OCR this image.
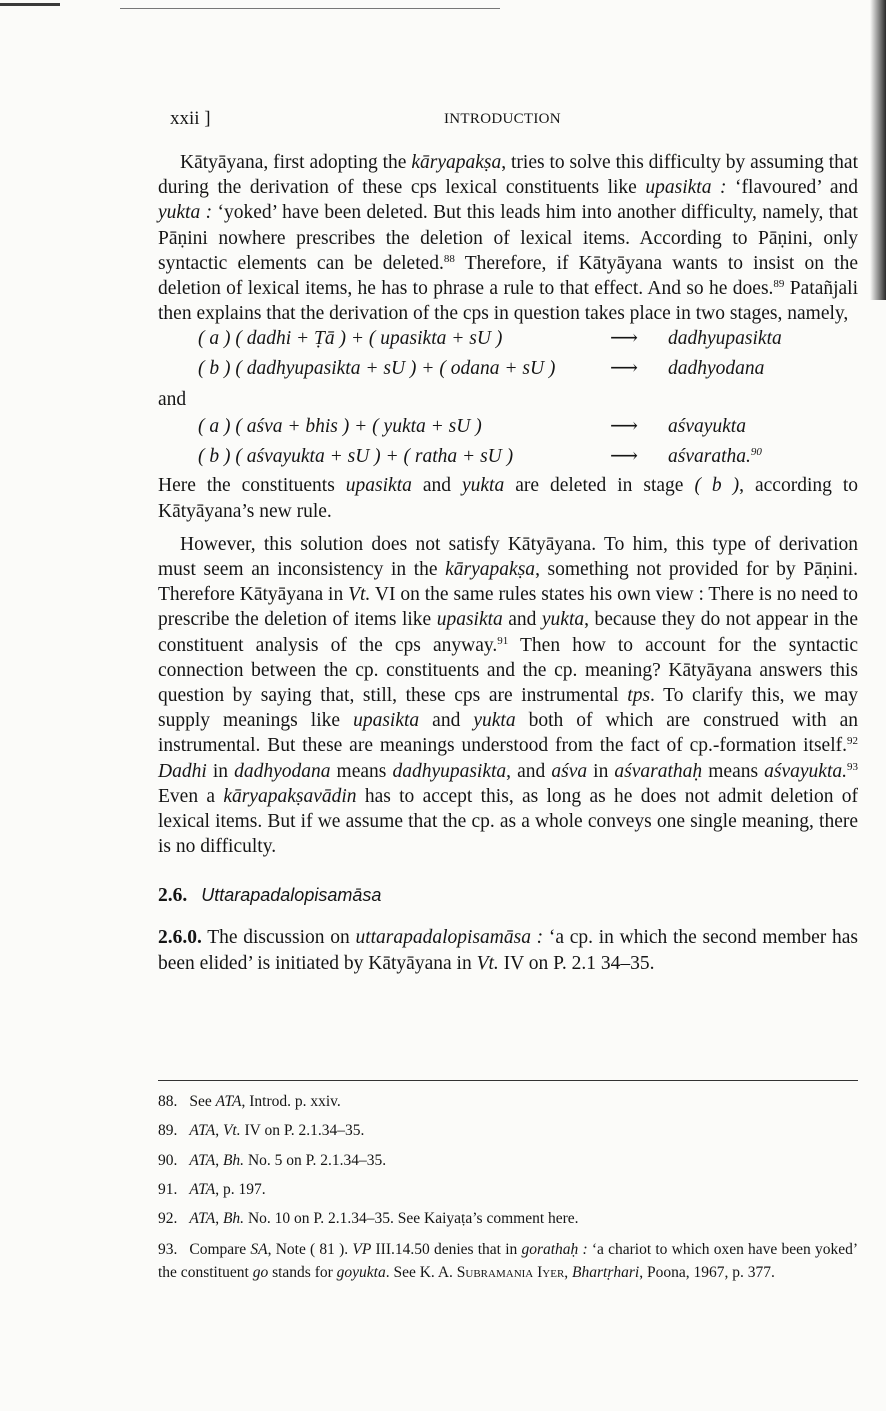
xxii ]	INTRODUCTION

Kātyāyana, first adopting the kāryapakṣa, tries to solve this difficulty by assuming that during the derivation of these cps lexical constituents like upasikta : ‘flavoured’ and yukta : ‘yoked’ have been deleted. But this leads him into another difficulty, namely, that Pāṇini nowhere prescribes the deletion of lexical items. According to Pāṇini, only syntactic elements can be deleted.$^{88}$ Therefore, if Kātyāyana wants to insist on the deletion of lexical items, he has to phrase a rule to that effect. And so he does.$^{89}$ Patañjali then explains that the derivation of the cps in question takes place in two stages, namely,

( a ) ( dadhi + Ṭā ) + ( upasikta + sU )	⟶ dadhyupasikta
( b ) ( dadhyupasikta + sU ) + ( odana + sU )	⟶ dadhyodana
and
( a ) ( aśva + bhis ) + ( yukta + sU )	⟶ aśvayukta
( b ) ( aśvayukta + sU ) + ( ratha + sU )	⟶ aśvaratha.$^{90}$

Here the constituents upasikta and yukta are deleted in stage ( b ), according to Kātyāyana’s new rule.

However, this solution does not satisfy Kātyāyana. To him, this type of derivation must seem an inconsistency in the kāryapakṣa, something not provided for by Pāṇini. Therefore Kātyāyana in Vt. VI on the same rules states his own view : There is no need to prescribe the deletion of items like upasikta and yukta, because they do not appear in the constituent analysis of the cps anyway.$^{91}$ Then how to account for the syntactic connection between the cp. constituents and the cp. meaning? Kātyāyana answers this question by saying that, still, these cps are instrumental tps. To clarify this, we may supply meanings like upasikta and yukta both of which are construed with an instrumental. But these are meanings understood from the fact of cp.-formation itself.$^{92}$ Dadhi in dadhyodana means dadhyupasikta, and aśva in aśvarathaḥ means aśvayukta.$^{93}$ Even a kāryapakṣavādin has to accept this, as long as he does not admit deletion of lexical items. But if we assume that the cp. as a whole conveys one single meaning, there is no difficulty.

2.6. Uttarapadalopisamāsa

2.6.0. The discussion on uttarapadalopisamāsa : ‘a cp. in which the second member has been elided’ is initiated by Kātyāyana in Vt. IV on P. 2.1 34–35.

88. See ATA, Introd. p. xxiv.

89. ATA, Vt. IV on P. 2.1.34–35.

90. ATA, Bh. No. 5 on P. 2.1.34–35.

91. ATA, p. 197.

92. ATA, Bh. No. 10 on P. 2.1.34–35. See Kaiyaṭa’s comment here.

93. Compare SA, Note ( 81 ). VP III.14.50 denies that in gorathaḥ : ‘a chariot to which oxen have been yoked’ the constituent go stands for goyukta. See K. A. Subramania Iyer, Bhartṛhari, Poona, 1967, p. 377.
